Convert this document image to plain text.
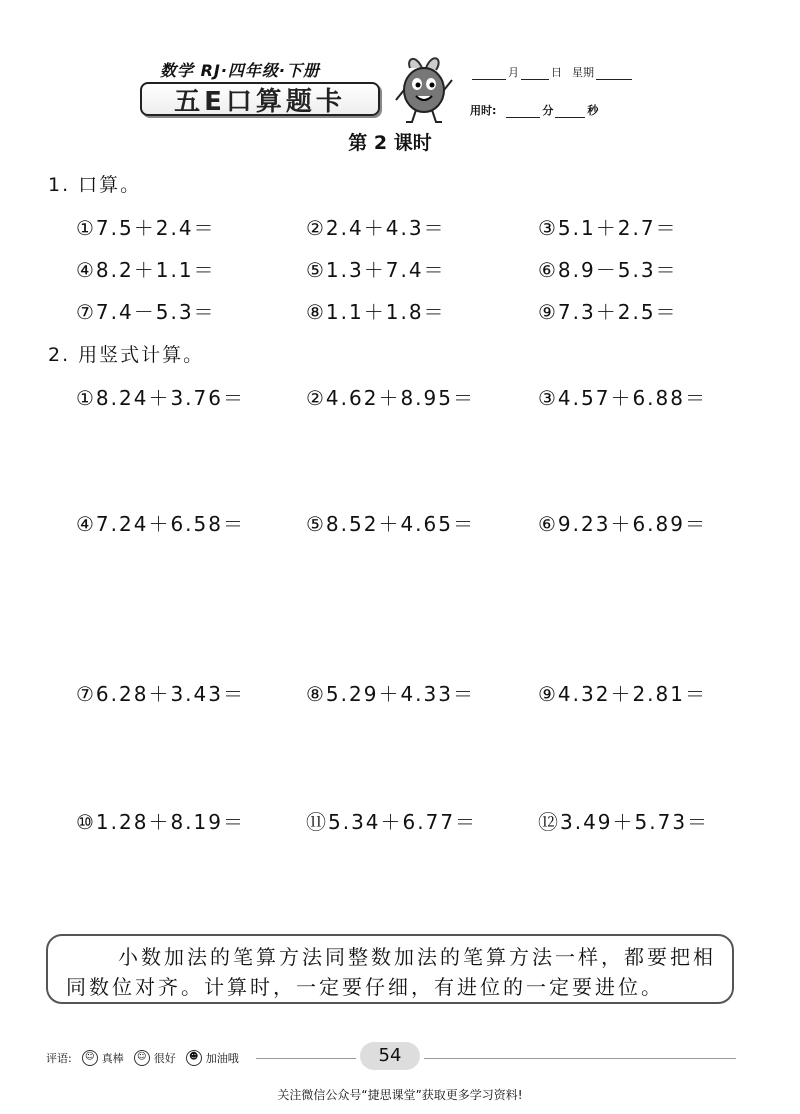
数学 RJ·四年级·下册
五E口算题卡
月	日 星期
用时:	分	秒
第 2 课时
1. 口算。
①7.5＋2.4＝	②2.4＋4.3＝	③5.1＋2.7＝
④8.2＋1.1＝	⑤1.3＋7.4＝	⑥8.9－5.3＝
⑦7.4－5.3＝	⑧1.1＋1.8＝	⑨7.3＋2.5＝
2. 用竖式计算。
①8.24＋3.76＝	②4.62＋8.95＝	③4.57＋6.88＝
④7.24＋6.58＝	⑤8.52＋4.65＝	⑥9.23＋6.89＝
⑦6.28＋3.43＝	⑧5.29＋4.33＝	⑨4.32＋2.81＝
⑩1.28＋8.19＝	⑪5.34＋6.77＝	⑫3.49＋5.73＝

小数加法的笔算方法同整数加法的笔算方法一样，都要把相同数位对齐。计算时，一定要仔细，有进位的一定要进位。

评语:	☺ 真棒	☺ 很好	☻ 加油哦	54
关注微信公众号“捷思课堂”获取更多学习资料!
